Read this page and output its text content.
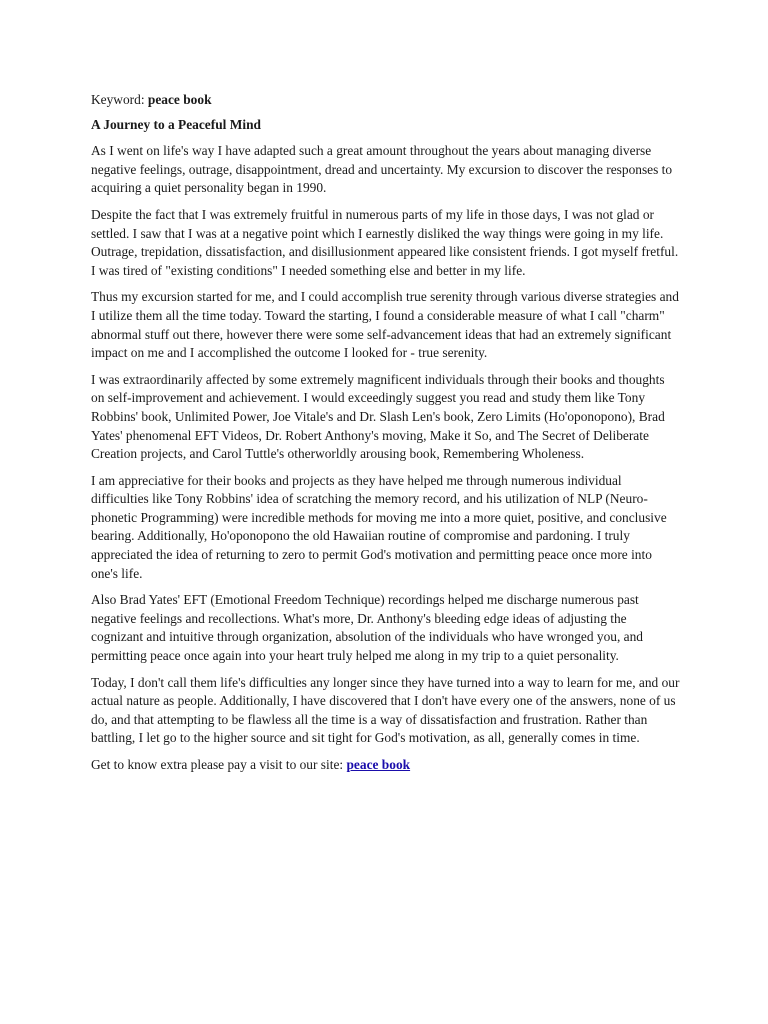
Keyword: peace book

A Journey to a Peaceful Mind

As I went on life's way I have adapted such a great amount throughout the years about managing diverse negative feelings, outrage, disappointment, dread and uncertainty. My excursion to discover the responses to acquiring a quiet personality began in 1990.

Despite the fact that I was extremely fruitful in numerous parts of my life in those days, I was not glad or settled. I saw that I was at a negative point which I earnestly disliked the way things were going in my life. Outrage, trepidation, dissatisfaction, and disillusionment appeared like consistent friends. I got myself fretful. I was tired of "existing conditions" I needed something else and better in my life.

Thus my excursion started for me, and I could accomplish true serenity through various diverse strategies and I utilize them all the time today. Toward the starting, I found a considerable measure of what I call "charm" abnormal stuff out there, however there were some self-advancement ideas that had an extremely significant impact on me and I accomplished the outcome I looked for - true serenity.

I was extraordinarily affected by some extremely magnificent individuals through their books and thoughts on self-improvement and achievement. I would exceedingly suggest you read and study them like Tony Robbins' book, Unlimited Power, Joe Vitale's and Dr. Slash Len's book, Zero Limits (Ho'oponopono), Brad Yates' phenomenal EFT Videos, Dr. Robert Anthony's moving, Make it So, and The Secret of Deliberate Creation projects, and Carol Tuttle's otherworldly arousing book, Remembering Wholeness.

I am appreciative for their books and projects as they have helped me through numerous individual difficulties like Tony Robbins' idea of scratching the memory record, and his utilization of NLP (Neuro-phonetic Programming) were incredible methods for moving me into a more quiet, positive, and conclusive bearing. Additionally, Ho'oponopono the old Hawaiian routine of compromise and pardoning. I truly appreciated the idea of returning to zero to permit God's motivation and permitting peace once more into one's life.

Also Brad Yates' EFT (Emotional Freedom Technique) recordings helped me discharge numerous past negative feelings and recollections. What's more, Dr. Anthony's bleeding edge ideas of adjusting the cognizant and intuitive through organization, absolution of the individuals who have wronged you, and permitting peace once again into your heart truly helped me along in my trip to a quiet personality.

Today, I don't call them life's difficulties any longer since they have turned into a way to learn for me, and our actual nature as people. Additionally, I have discovered that I don't have every one of the answers, none of us do, and that attempting to be flawless all the time is a way of dissatisfaction and frustration. Rather than battling, I let go to the higher source and sit tight for God's motivation, as all, generally comes in time.

Get to know extra please pay a visit to our site: peace book
